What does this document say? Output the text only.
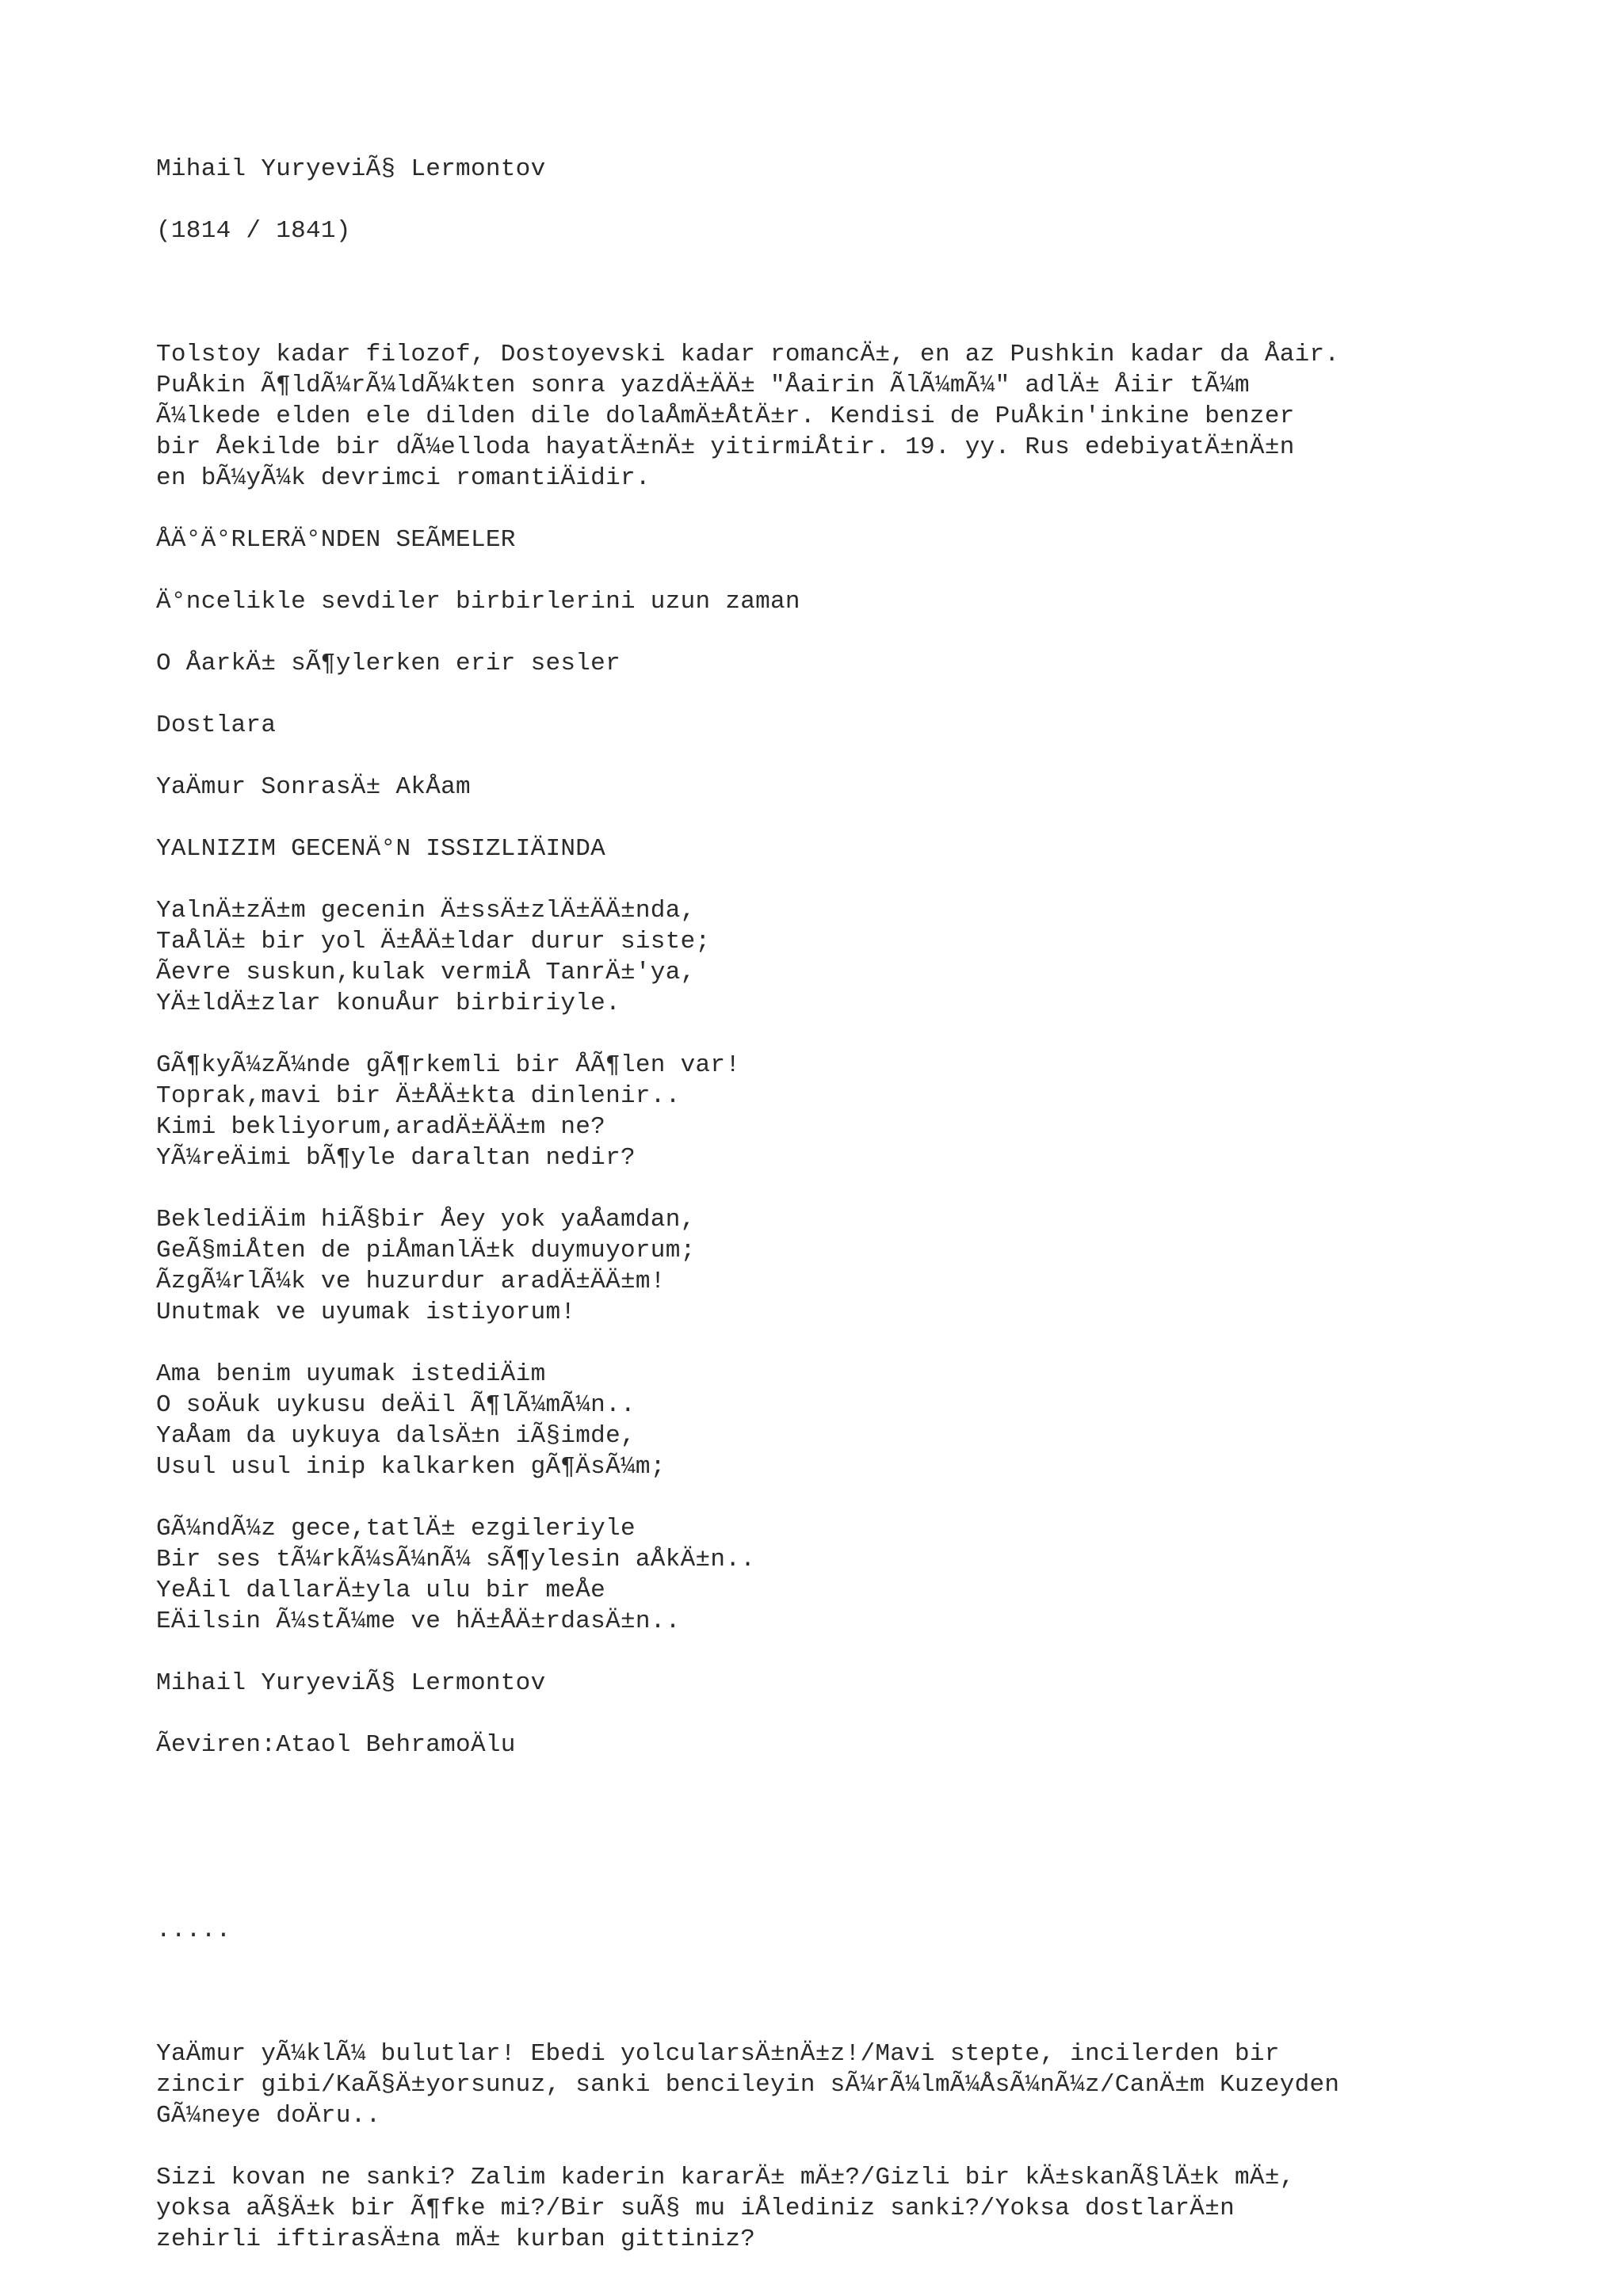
Mihail YuryeviÃ§ Lermontov
(1814 / 1841)
Tolstoy kadar filozof, Dostoyevski kadar romancÄ±, en az Pushkin kadar da Åair.
PuÅkin Ã¶ldÃ¼rÃ¼ldÃ¼kten sonra yazdÄ±ÄÄ± "Åairin ÃlÃ¼mÃ¼" adlÄ± Åiir tÃ¼m
Ã¼lkede elden ele dilden dile dolaÅmÄ±ÅtÄ±r. Kendisi de PuÅkin'inkine benzer
bir Åekilde bir dÃ¼elloda hayatÄ±nÄ± yitirmiÅtir. 19. yy. Rus edebiyatÄ±nÄ±n
en bÃ¼yÃ¼k devrimci romantiÄidir.
ÅÄ°Ä°RLERÄ°NDEN SEÃMELER
Ä°ncelikle sevdiler birbirlerini uzun zaman
O ÅarkÄ± sÃ¶ylerken erir sesler
Dostlara
YaÄmur SonrasÄ± AkÅam
YALNIZIM GECENÄ°N ISSIZLIÄINDA
YalnÄ±zÄ±m gecenin Ä±ssÄ±zlÄ±ÄÄ±nda,
TaÅlÄ± bir yol Ä±ÅÄ±ldar durur siste;
Ãevre suskun,kulak vermiÅ TanrÄ±'ya,
YÄ±ldÄ±zlar konuÅur birbiriyle.
GÃ¶kyÃ¼zÃ¼nde gÃ¶rkemli bir ÅÃ¶len var!
Toprak,mavi bir Ä±ÅÄ±kta dinlenir..
Kimi bekliyorum,aradÄ±ÄÄ±m ne?
YÃ¼reÄimi bÃ¶yle daraltan nedir?
BeklediÄim hiÃ§bir Åey yok yaÅamdan,
GeÃ§miÅten de piÅmanlÄ±k duymuyorum;
ÃzgÃ¼rlÃ¼k ve huzurdur aradÄ±ÄÄ±m!
Unutmak ve uyumak istiyorum!
Ama benim uyumak istediÄim
O soÄuk uykusu deÄil Ã¶lÃ¼mÃ¼n..
YaÅam da uykuya dalsÄ±n iÃ§imde,
Usul usul inip kalkarken gÃ¶ÄsÃ¼m;
GÃ¼ndÃ¼z gece,tatlÄ± ezgileriyle
Bir ses tÃ¼rkÃ¼sÃ¼nÃ¼ sÃ¶ylesin aÅkÄ±n..
YeÅil dallarÄ±yla ulu bir meÅe
EÄilsin Ã¼stÃ¼me ve hÄ±ÅÄ±rdasÄ±n..
Mihail YuryeviÃ§ Lermontov
Ãeviren:Ataol BehramoÄlu
.....
YaÄmur yÃ¼klÃ¼ bulutlar! Ebedi yolcularsÄ±nÄ±z!/Mavi stepte, incilerden bir
zincir gibi/KaÃ§Ä±yorsunuz, sanki bencileyin sÃ¼rÃ¼lmÃ¼ÅsÃ¼nÃ¼z/CanÄ±m Kuzeyden
GÃ¼neye doÄru..
Sizi kovan ne sanki? Zalim kaderin kararÄ± mÄ±?/Gizli bir kÄ±skanÃ§lÄ±k mÄ±,
yoksa aÃ§Ä±k bir Ã¶fke mi?/Bir suÃ§ mu iÅlediniz sanki?/Yoksa dostlarÄ±n
zehirli iftirasÄ±na mÄ± kurban gittiniz?
